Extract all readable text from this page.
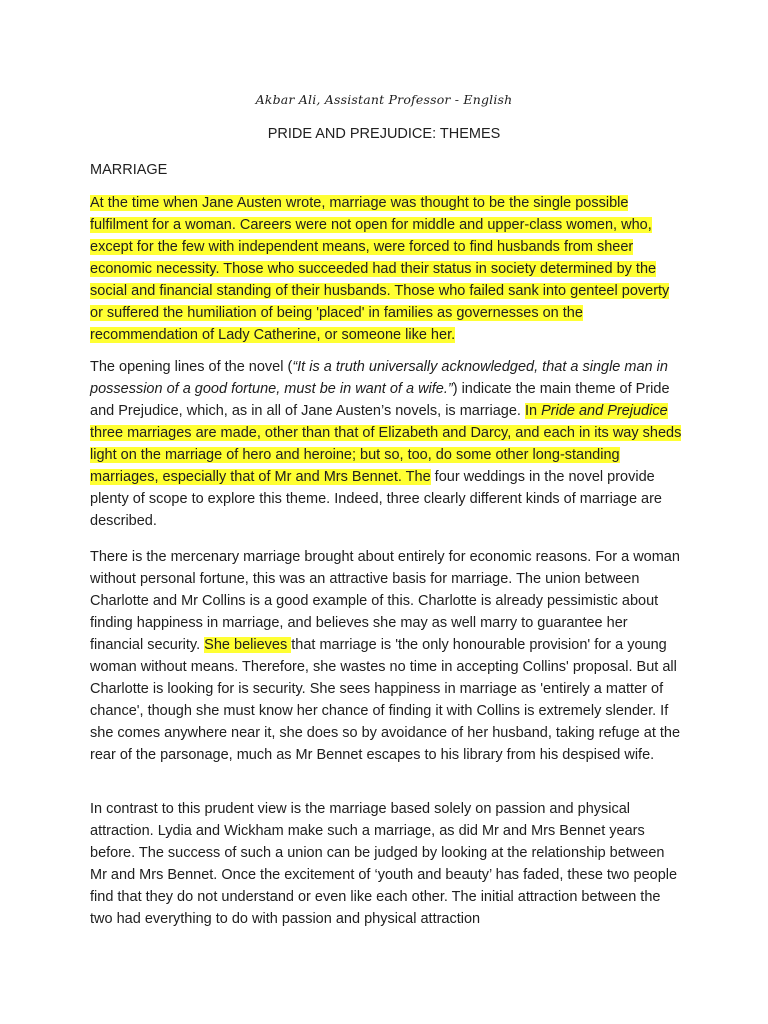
Akbar Ali, Assistant Professor - English
PRIDE AND PREJUDICE: THEMES
MARRIAGE

At the time when Jane Austen wrote, marriage was thought to be the single possible fulfilment for a woman. Careers were not open for middle and upper-class women, who, except for the few with independent means, were forced to find husbands from sheer economic necessity. Those who succeeded had their status in society determined by the social and financial standing of their husbands. Those who failed sank into genteel poverty or suffered the humiliation of being 'placed' in families as governesses on the recommendation of Lady Catherine, or someone like her.

The opening lines of the novel (“It is a truth universally acknowledged, that a single man in possession of a good fortune, must be in want of a wife.”) indicate the main theme of Pride and Prejudice, which, as in all of Jane Austen’s novels, is marriage. In Pride and Prejudice three marriages are made, other than that of Elizabeth and Darcy, and each in its way sheds light on the marriage of hero and heroine; but so, too, do some other long-standing marriages, especially that of Mr and Mrs Bennet. The four weddings in the novel provide plenty of scope to explore this theme. Indeed, three clearly different kinds of marriage are described.

There is the mercenary marriage brought about entirely for economic reasons. For a woman without personal fortune, this was an attractive basis for marriage. The union between Charlotte and Mr Collins is a good example of this. Charlotte is already pessimistic about finding happiness in marriage, and believes she may as well marry to guarantee her financial security. She believes that marriage is 'the only honourable provision' for a young woman without means. Therefore, she wastes no time in accepting Collins' proposal. But all Charlotte is looking for is security. She sees happiness in marriage as 'entirely a matter of chance', though she must know her chance of finding it with Collins is extremely slender. If she comes anywhere near it, she does so by avoidance of her husband, taking refuge at the rear of the parsonage, much as Mr Bennet escapes to his library from his despised wife.

In contrast to this prudent view is the marriage based solely on passion and physical attraction. Lydia and Wickham make such a marriage, as did Mr and Mrs Bennet years before. The success of such a union can be judged by looking at the relationship between Mr and Mrs Bennet. Once the excitement of ‘youth and beauty’ has faded, these two people find that they do not understand or even like each other. The initial attraction between the two had everything to do with passion and physical attraction
